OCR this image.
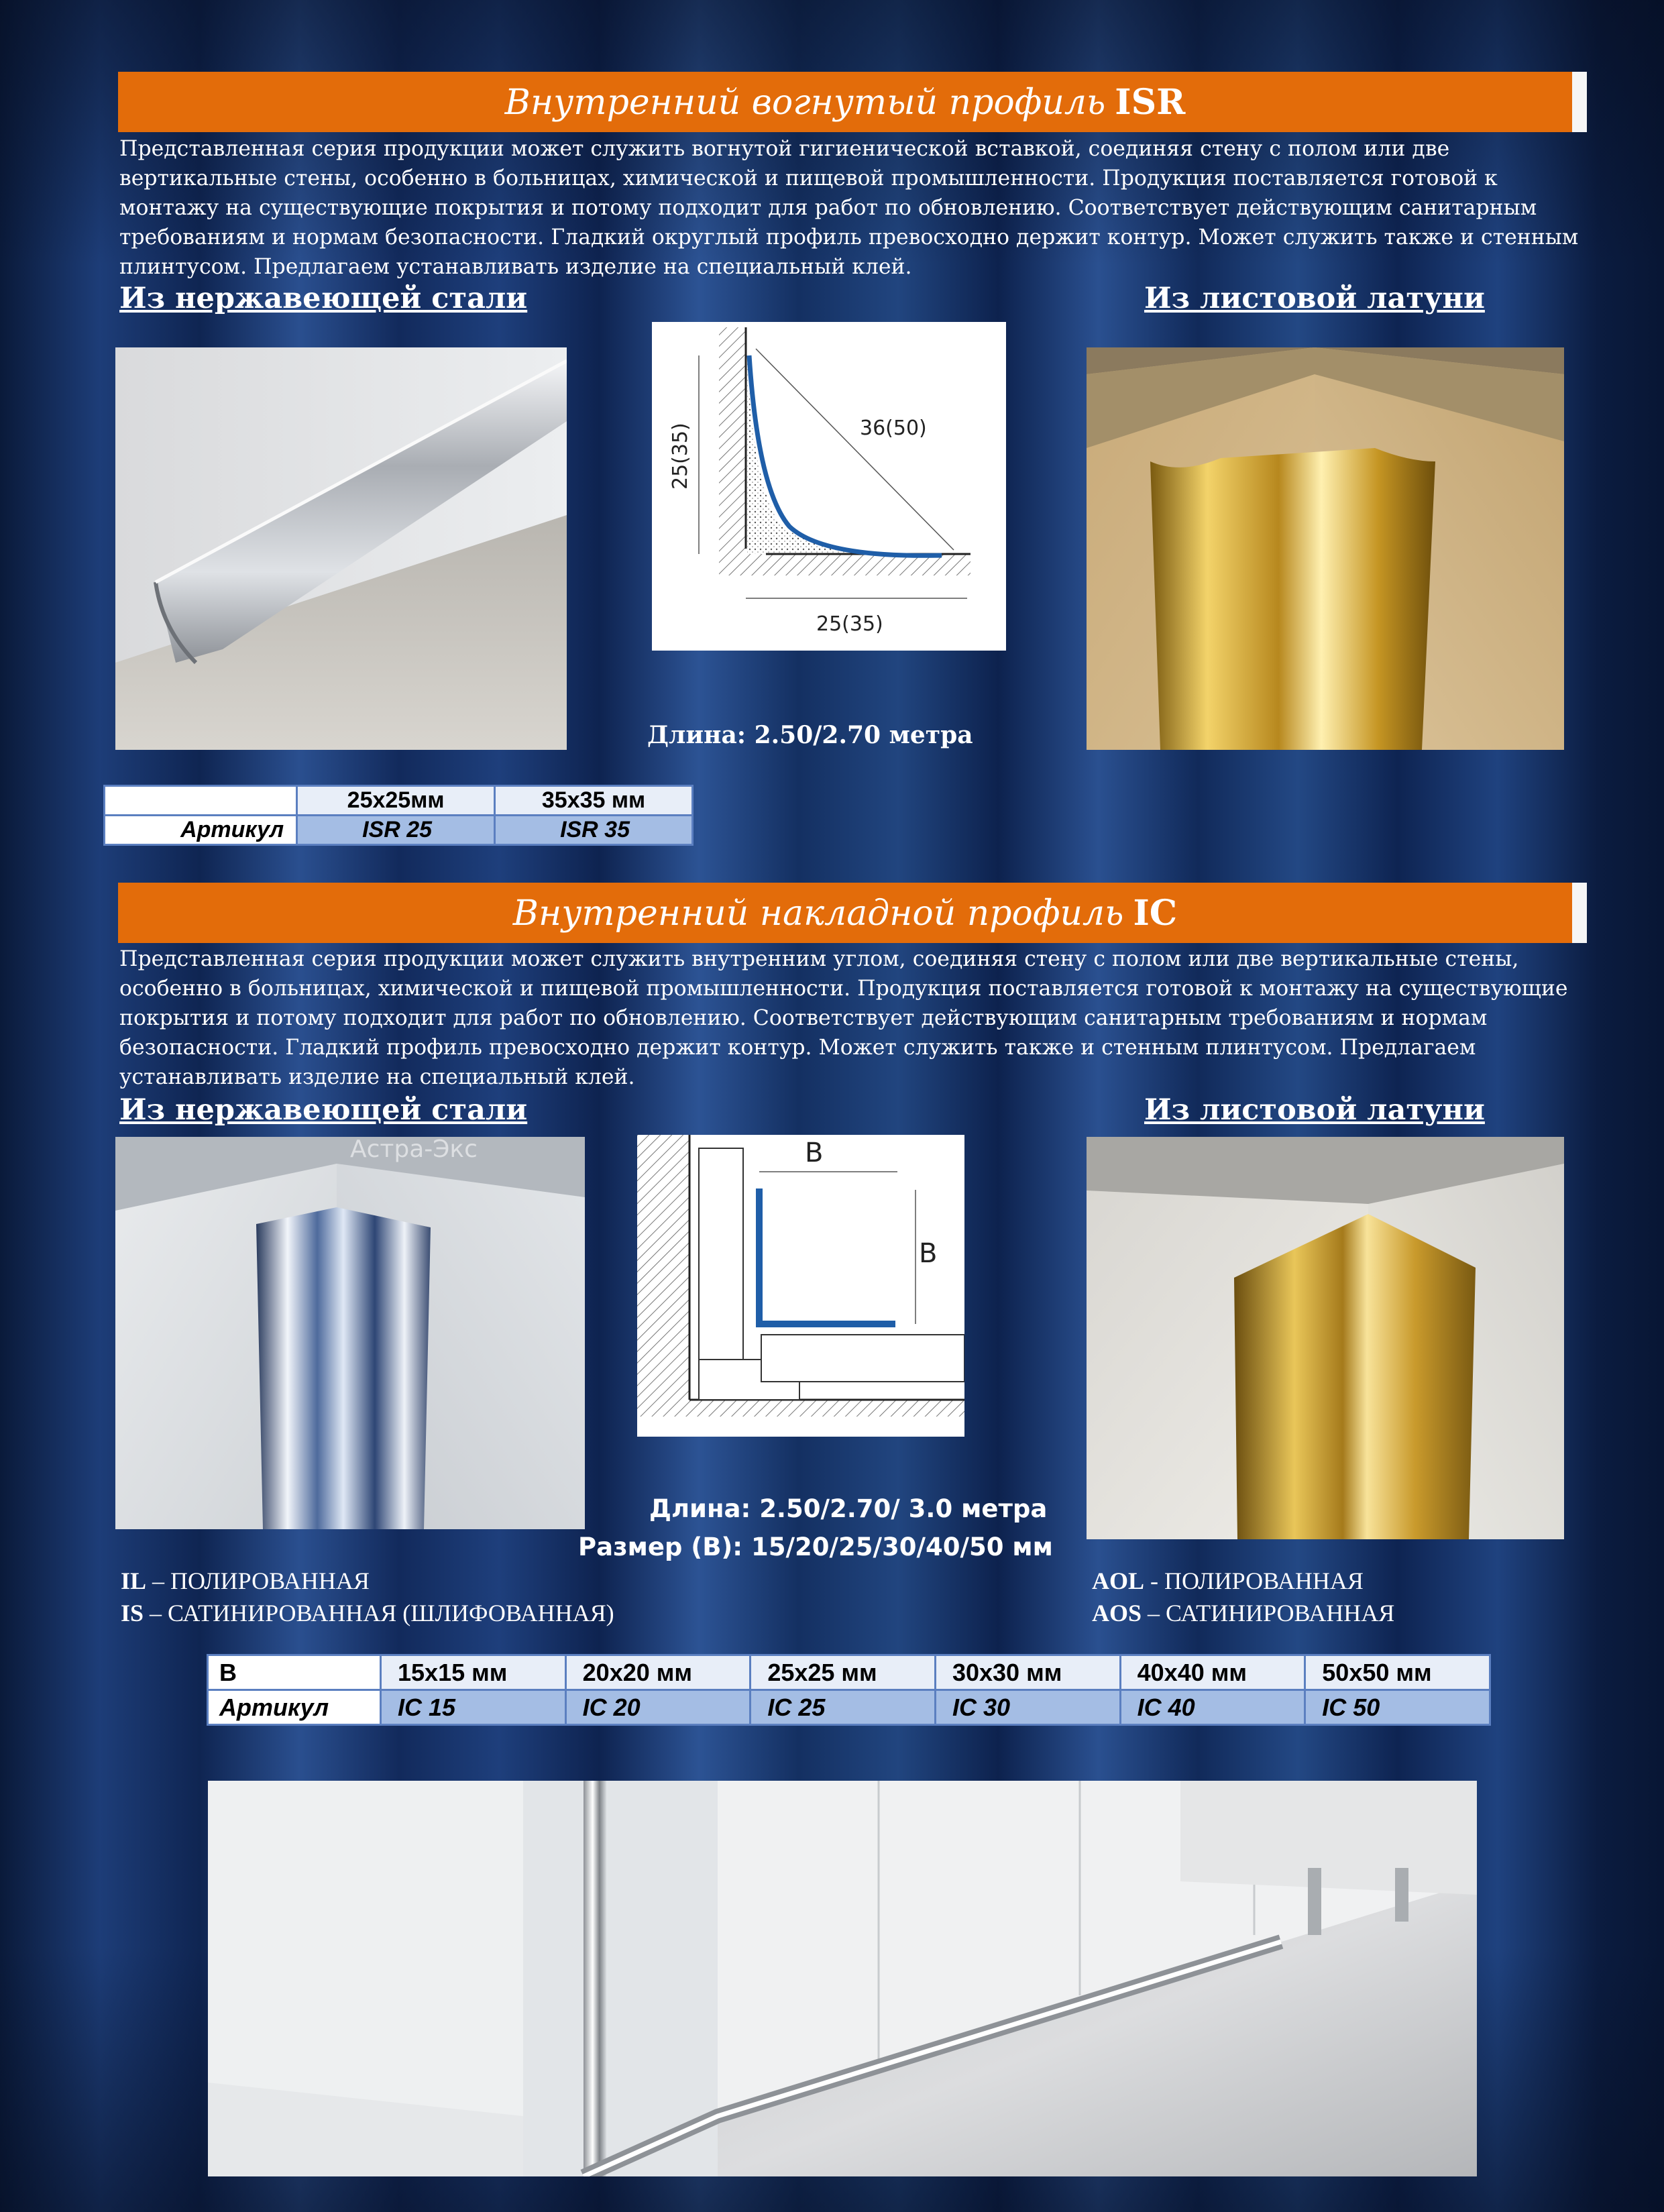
Внутренний вогнутый профиль ISR
Представленная серия продукции может служить вогнутой гигиенической вставкой, соединяя стену с полом или две вертикальные стены, особенно в больницах, химической и пищевой промышленности. Продукция поставляется готовой к монтажу на существующие покрытия и потому подходит для работ по обновлению. Соответствует действующим санитарным требованиям и нормам безопасности. Гладкий округлый профиль превосходно держит контур. Может служить также и стенным плинтусом. Предлагаем устанавливать изделие на специальный клей.
Из нержавеющей стали	Из листовой латуни
36(50)
25(35)
25(35)
Длина: 2.50/2.70 метра
	25x25мм	35x35 мм
Артикул	ISR 25	ISR 35
Внутренний накладной профиль IC
Представленная серия продукции может служить внутренним углом, соединяя стену с полом или две вертикальные стены, особенно в больницах, химической и пищевой промышленности. Продукция поставляется готовой к монтажу на существующие покрытия и потому подходит для работ по обновлению. Соответствует действующим санитарным требованиям и нормам безопасности. Гладкий профиль превосходно держит контур. Может служить также и стенным плинтусом. Предлагаем устанавливать изделие на специальный клей.
Из нержавеющей стали	Из листовой латуни
Астра-Экс	B
B
Длина: 2.50/2.70/ 3.0 метра
Размер (В): 15/20/25/30/40/50 мм
IL – ПОЛИРОВАННАЯ
IS – САТИНИРОВАННАЯ (ШЛИФОВАННАЯ)
AOL - ПОЛИРОВАННАЯ
AOS – САТИНИРОВАННАЯ
B	15x15 мм	20x20 мм	25x25 мм	30x30 мм	40x40 мм	50x50 мм
Артикул	IC 15	IC 20	IC 25	IC 30	IC 40	IC 50
